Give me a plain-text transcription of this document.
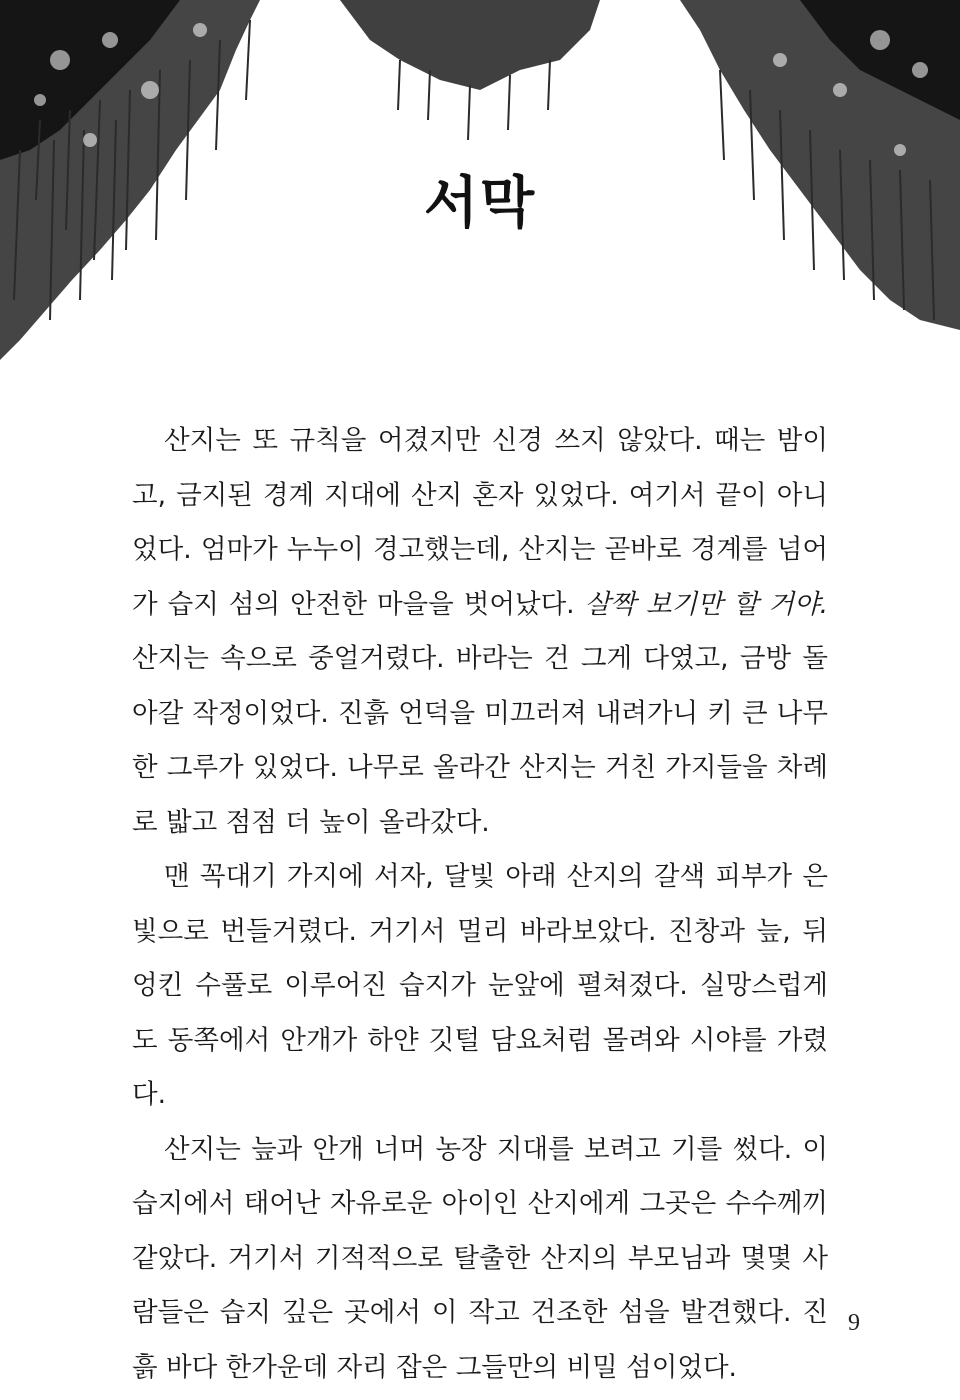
서막

산지는 또 규칙을 어겼지만 신경 쓰지 않았다. 때는 밤이고, 금지된 경계 지대에 산지 혼자 있었다. 여기서 끝이 아니었다. 엄마가 누누이 경고했는데, 산지는 곧바로 경계를 넘어가 습지 섬의 안전한 마을을 벗어났다. 살짝 보기만 할 거야. 산지는 속으로 중얼거렸다. 바라는 건 그게 다였고, 금방 돌아갈 작정이었다. 진흙 언덕을 미끄러져 내려가니 키 큰 나무 한 그루가 있었다. 나무로 올라간 산지는 거친 가지들을 차례로 밟고 점점 더 높이 올라갔다.

맨 꼭대기 가지에 서자, 달빛 아래 산지의 갈색 피부가 은빛으로 번들거렸다. 거기서 멀리 바라보았다. 진창과 늪, 뒤엉킨 수풀로 이루어진 습지가 눈앞에 펼쳐졌다. 실망스럽게도 동쪽에서 안개가 하얀 깃털 담요처럼 몰려와 시야를 가렸다.

산지는 늪과 안개 너머 농장 지대를 보려고 기를 썼다. 이 습지에서 태어난 자유로운 아이인 산지에게 그곳은 수수께끼 같았다. 거기서 기적적으로 탈출한 산지의 부모님과 몇몇 사람들은 습지 깊은 곳에서 이 작고 건조한 섬을 발견했다. 진흙 바다 한가운데 자리 잡은 그들만의 비밀 섬이었다.

9
